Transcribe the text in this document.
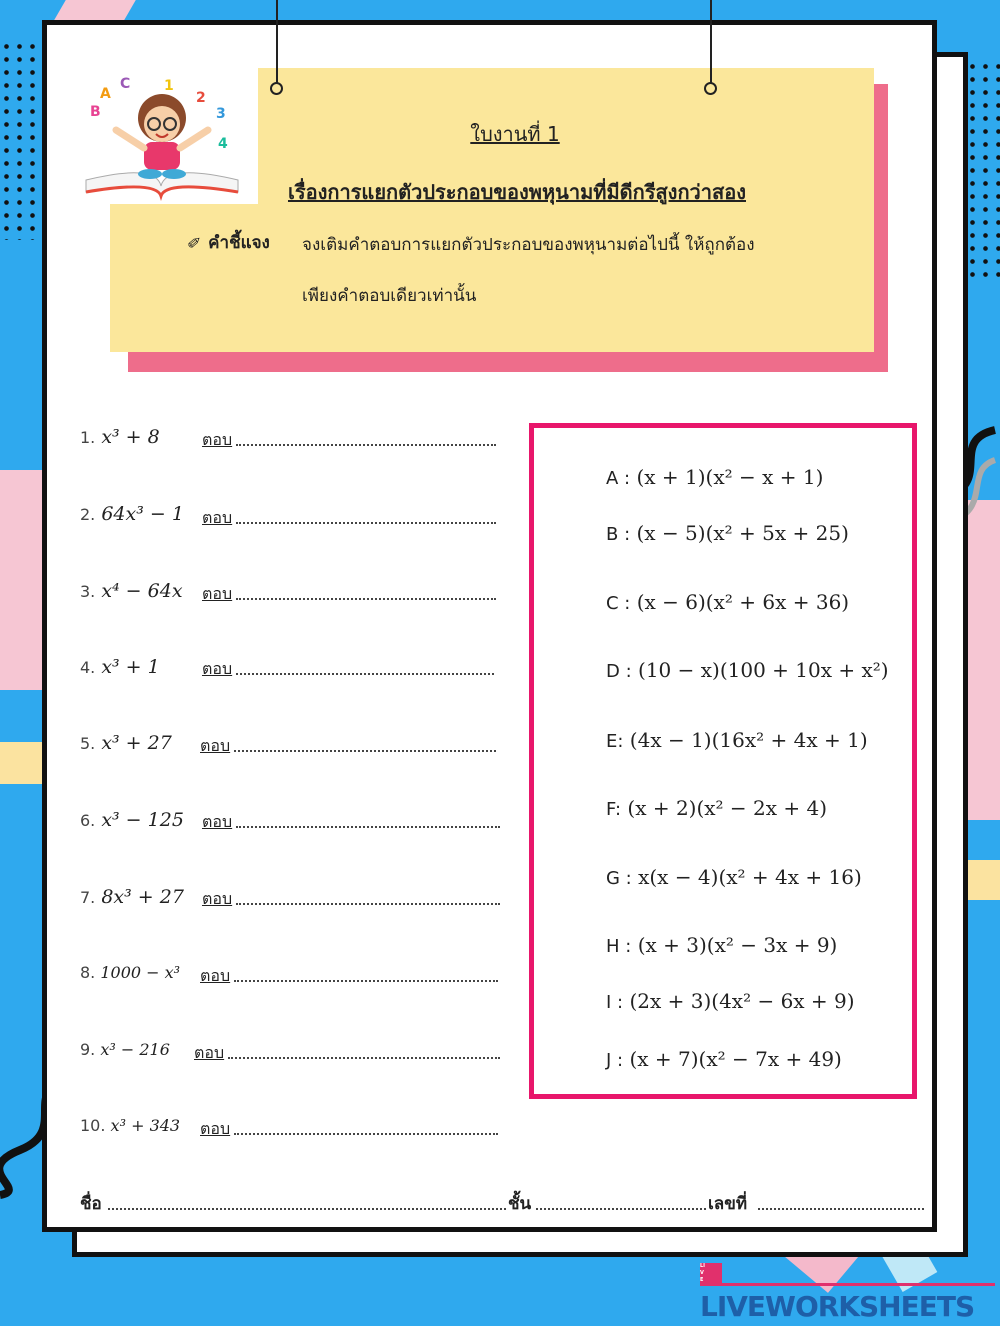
A
B
C 1
2
3
4	ใบงานที่ 1
เรื่องการแยกตัวประกอบของพหุนามที่มีดีกรีสูงกว่าสอง
✏ คำชี้แจง จงเติมคำตอบการแยกตัวประกอบของพหุนามต่อไปนี้ ให้ถูกต้อง
เพียงคำตอบเดียวเท่านั้น
1. x³ + 8	ตอบ
2. 64x³ − 1 ตอบ
3. x⁴ − 64x ตอบ
4. x³ + 1	ตอบ
5. x³ + 27 ตอบ
6. x³ − 125 ตอบ
7. 8x³ + 27 ตอบ
8. 1000 − x³ ตอบ
9. x³ − 216 ตอบ
10. x³ + 343 ตอบ
A : (x + 1)(x² − x + 1)
B : (x − 5)(x² + 5x + 25)
C : (x − 6)(x² + 6x + 36)
D : (10 − x)(100 + 10x + x²)
E: (4x − 1)(16x² + 4x + 1)
F: (x + 2)(x² − 2x + 4)
G : x(x − 4)(x² + 4x + 16)
H : (x + 3)(x² − 3x + 9)
I : (2x + 3)(4x² − 6x + 9)
J : (x + 7)(x² − 7x + 49)
ชื่อ	ชั้น	เลขที่
LIVE
LIVEWORKSHEETS
